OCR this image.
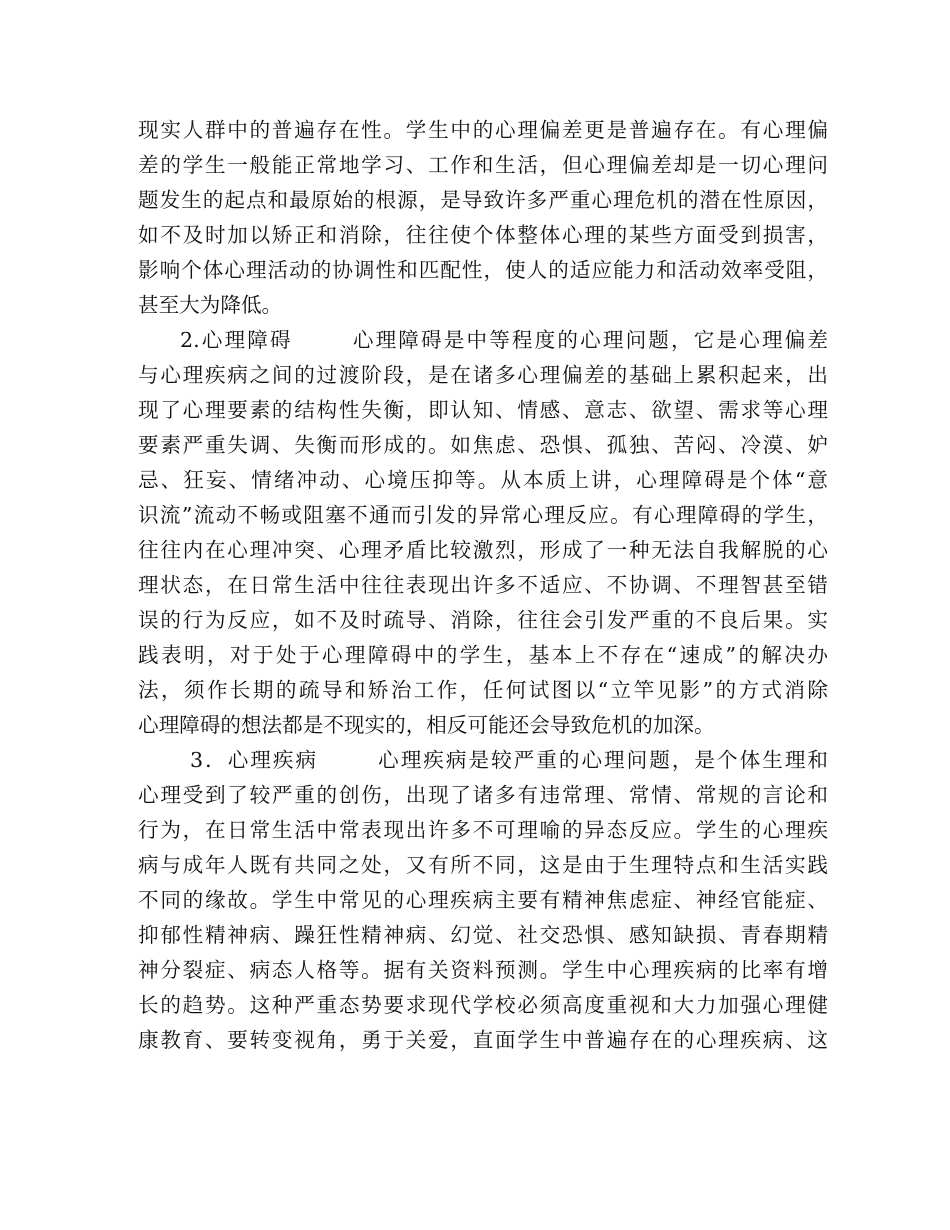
现实人群中的普遍存在性。学生中的心理偏差更是普遍存在。有心理偏
差的学生一般能正常地学习、工作和生活，但心理偏差却是一切心理问
题发生的起点和最原始的根源，是导致许多严重心理危机的潜在性原因，
如不及时加以矫正和消除，往往使个体整体心理的某些方面受到损害，
影响个体心理活动的协调性和匹配性，使人的适应能力和活动效率受阻，
甚至大为降低。
2.心理障碍	心理障碍是中等程度的心理问题，它是心理偏差
与心理疾病之间的过渡阶段，是在诸多心理偏差的基础上累积起来，出
现了心理要素的结构性失衡，即认知、情感、意志、欲望、需求等心理
要素严重失调、失衡而形成的。如焦虑、恐惧、孤独、苦闷、冷漠、妒
忌、狂妄、情绪冲动、心境压抑等。从本质上讲，心理障碍是个体“意
识流”流动不畅或阻塞不通而引发的异常心理反应。有心理障碍的学生，
往往内在心理冲突、心理矛盾比较激烈，形成了一种无法自我解脱的心
理状态，在日常生活中往往表现出许多不适应、不协调、不理智甚至错
误的行为反应，如不及时疏导、消除，往往会引发严重的不良后果。实
践表明，对于处于心理障碍中的学生，基本上不存在“速成”的解决办
法，须作长期的疏导和矫治工作，任何试图以“立竿见影”的方式消除
心理障碍的想法都是不现实的，相反可能还会导致危机的加深。
3．心理疾病	心理疾病是较严重的心理问题，是个体生理和
心理受到了较严重的创伤，出现了诸多有违常理、常情、常规的言论和
行为，在日常生活中常表现出许多不可理喻的异态反应。学生的心理疾
病与成年人既有共同之处，又有所不同，这是由于生理特点和生活实践
不同的缘故。学生中常见的心理疾病主要有精神焦虑症、神经官能症、
抑郁性精神病、躁狂性精神病、幻觉、社交恐惧、感知缺损、青春期精
神分裂症、病态人格等。据有关资料预测。学生中心理疾病的比率有增
长的趋势。这种严重态势要求现代学校必须高度重视和大力加强心理健
康教育、要转变视角，勇于关爱，直面学生中普遍存在的心理疾病、这
